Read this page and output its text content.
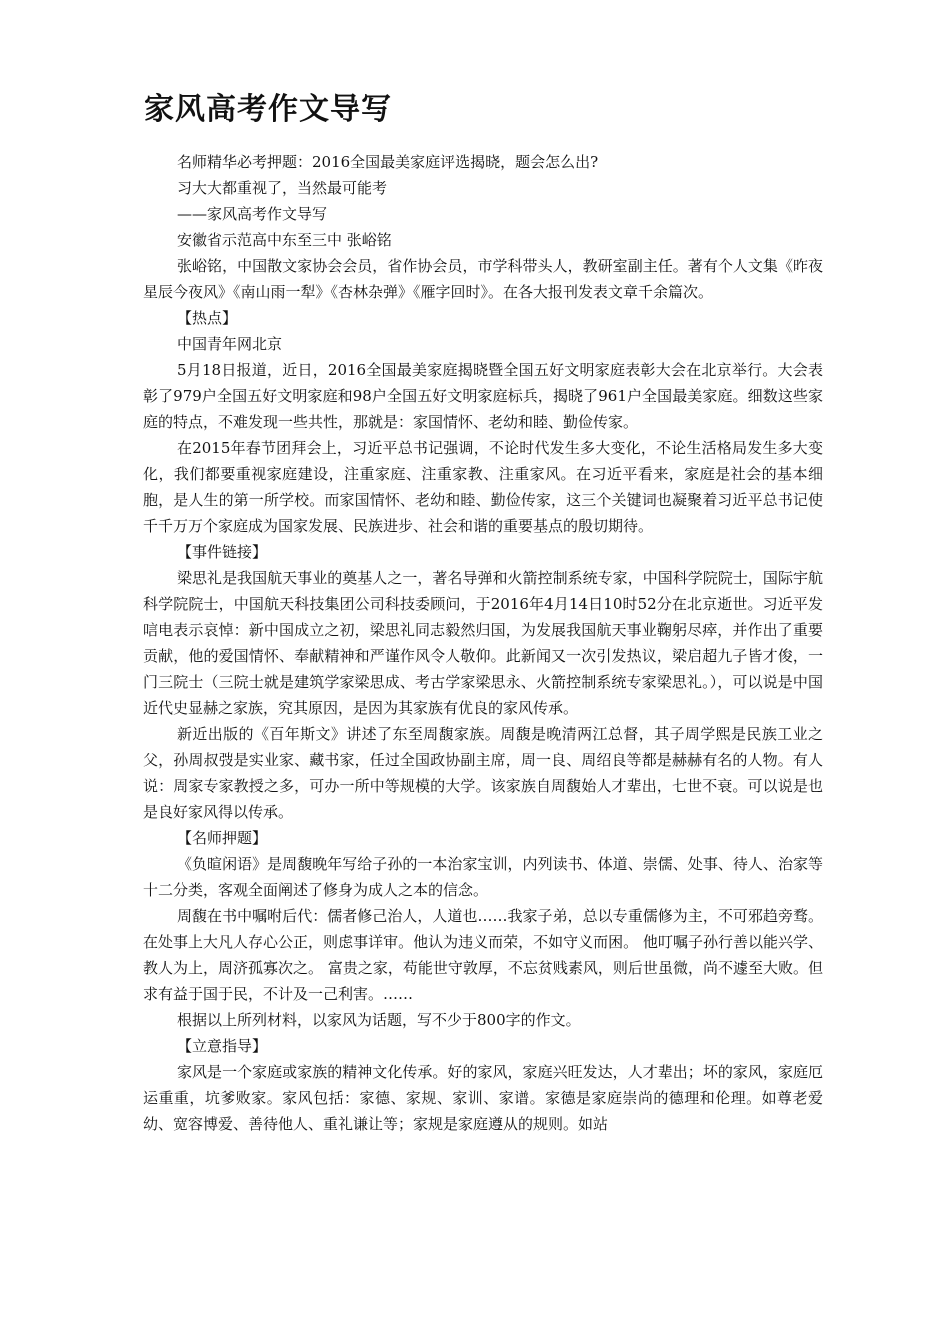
家风高考作文导写

名师精华必考押题：2016全国最美家庭评选揭晓，题会怎么出?

习大大都重视了，当然最可能考

——家风高考作文导写

安徽省示范高中东至三中 张峪铭

张峪铭，中国散文家协会会员，省作协会员，市学科带头人，教研室副主任。著有个人文集《昨夜星辰今夜风》《南山雨一犁》《杏林杂弹》《雁字回时》。在各大报刊发表文章千余篇次。

【热点】

中国青年网北京

5月18日报道，近日，2016全国最美家庭揭晓暨全国五好文明家庭表彰大会在北京举行。大会表彰了979户全国五好文明家庭和98户全国五好文明家庭标兵，揭晓了961户全国最美家庭。细数这些家庭的特点，不难发现一些共性，那就是：家国情怀、老幼和睦、勤俭传家。

在2015年春节团拜会上，习近平总书记强调，不论时代发生多大变化，不论生活格局发生多大变化，我们都要重视家庭建设，注重家庭、注重家教、注重家风。在习近平看来，家庭是社会的基本细胞，是人生的第一所学校。而家国情怀、老幼和睦、勤俭传家，这三个关键词也凝聚着习近平总书记使千千万万个家庭成为国家发展、民族进步、社会和谐的重要基点的殷切期待。

【事件链接】

梁思礼是我国航天事业的奠基人之一，著名导弹和火箭控制系统专家，中国科学院院士，国际宇航科学院院士，中国航天科技集团公司科技委顾问，于2016年4月14日10时52分在北京逝世。习近平发唁电表示哀悼：新中国成立之初，梁思礼同志毅然归国，为发展我国航天事业鞠躬尽瘁，并作出了重要贡献，他的爱国情怀、奉献精神和严谨作风令人敬仰。此新闻又一次引发热议，梁启超九子皆才俊，一门三院士（三院士就是建筑学家梁思成、考古学家梁思永、火箭控制系统专家梁思礼。），可以说是中国近代史显赫之家族，究其原因，是因为其家族有优良的家风传承。

新近出版的《百年斯文》讲述了东至周馥家族。周馥是晚清两江总督，其子周学熙是民族工业之父，孙周叔弢是实业家、藏书家，任过全国政协副主席，周一良、周绍良等都是赫赫有名的人物。有人说：周家专家教授之多，可办一所中等规模的大学。该家族自周馥始人才辈出，七世不衰。可以说是也是良好家风得以传承。

【名师押题】

《负暄闲语》是周馥晚年写给子孙的一本治家宝训，内列读书、体道、崇儒、处事、待人、治家等十二分类，客观全面阐述了修身为成人之本的信念。

周馥在书中嘱咐后代：儒者修己治人，人道也……我家子弟，总以专重儒修为主，不可邪趋旁骛。在处事上大凡人存心公正，则虑事详审。他认为违义而荣，不如守义而困。 他叮嘱子孙行善以能兴学、教人为上，周济孤寡次之。 富贵之家，苟能世守敦厚，不忘贫贱素风，则后世虽微，尚不遽至大败。但求有益于国于民，不计及一己利害。……

根据以上所列材料，以家风为话题，写不少于800字的作文。

【立意指导】

家风是一个家庭或家族的精神文化传承。好的家风，家庭兴旺发达，人才辈出；坏的家风，家庭厄运重重，坑爹败家。家风包括：家德、家规、家训、家谱。家德是家庭崇尚的德理和伦理。如尊老爱幼、宽容博爱、善待他人、重礼谦让等；家规是家庭遵从的规则。如站
